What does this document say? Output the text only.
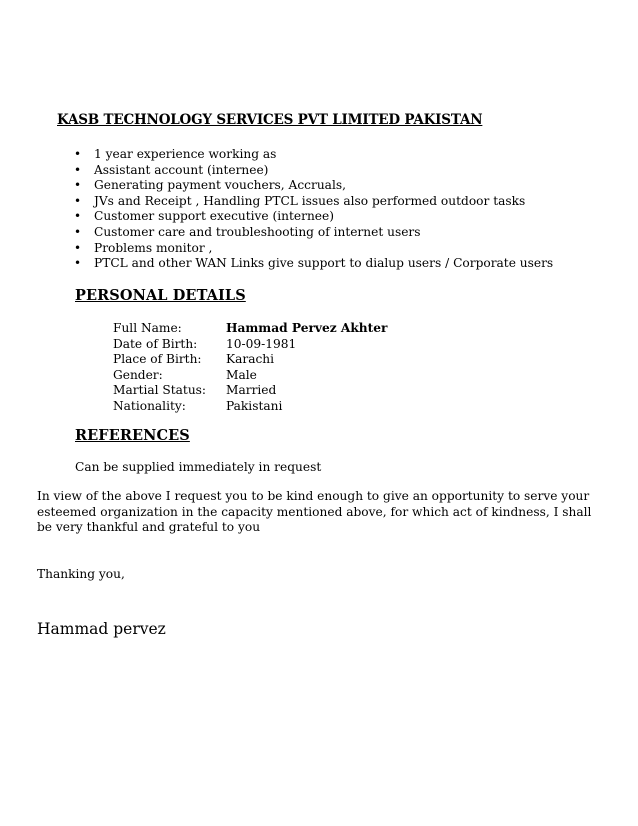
KASB TECHNOLOGY SERVICES PVT LIMITED PAKISTAN
• 1 year experience working as
• Assistant account (internee)
• Generating payment vouchers, Accruals,
• JVs and Receipt , Handling PTCL issues also performed outdoor tasks
• Customer support executive (internee)
• Customer care and troubleshooting of internet users
• Problems monitor ,
• PTCL and other WAN Links give support to dialup users / Corporate users
PERSONAL DETAILS
Full Name:	Hammad Pervez Akhter
Date of Birth: 10-09-1981
Place of Birth: Karachi
Gender:	Male
Martial Status: Married
Nationality:	Pakistani
REFERENCES
Can be supplied immediately in request
In view of the above I request you to be kind enough to give an opportunity to serve your esteemed organization in the capacity mentioned above, for which act of kindness, I shall be very thankful and grateful to you
Thanking you,
Hammad pervez
